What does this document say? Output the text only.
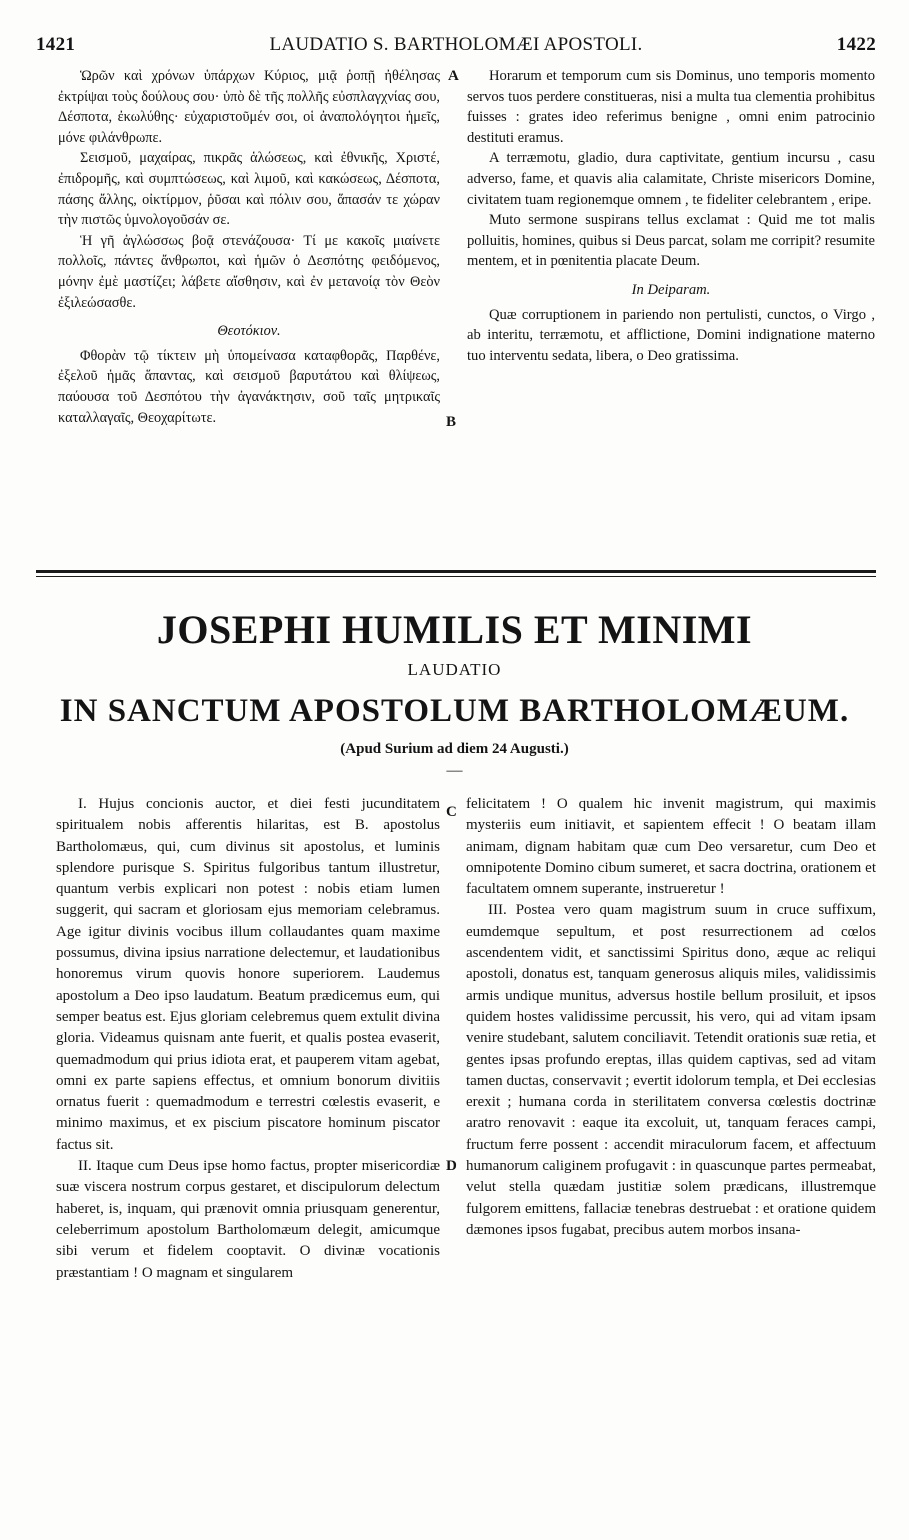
1421	LAUDATIO S. BARTHOLOMÆI APOSTOLI.	1422

Ὡρῶν καὶ χρόνων ὑπάρχων Κύριος, μιᾷ ῥοπῇ ἠθέλησας ἐκτρίψαι τοὺς δούλους σου· ὑπὸ δὲ τῆς πολλῆς εὐσπλαγχνίας σου, Δέσποτα, ἐκωλύθης· εὐχαριστοῦμέν σοι, οἱ ἀναπολόγητοι ἡμεῖς, μόνε φιλάνθρωπε.

Σεισμοῦ, μαχαίρας, πικρᾶς ἁλώσεως, καὶ ἐθνικῆς, Χριστέ, ἐπιδρομῆς, καὶ συμπτώσεως, καὶ λιμοῦ, καὶ κακώσεως, Δέσποτα, πάσης ἄλλης, οἰκτίρμον, ῥῦσαι καὶ πόλιν σου, ἅπασάν τε χώραν τὴν πιστῶς ὑμνολογοῦσάν σε.

Ἡ γῆ ἀγλώσσως βοᾷ στενάζουσα· Τί με κακοῖς μιαίνετε πολλοῖς, πάντες ἄνθρωποι, καὶ ἡμῶν ὁ Δεσπότης φειδόμενος, μόνην ἐμὲ μαστίζει; λάβετε αἴσθησιν, καὶ ἐν μετανοίᾳ τὸν Θεὸν ἐξιλεώσασθε.

Θεοτόκιον.

Φθορὰν τῷ τίκτειν μὴ ὑπομείνασα καταφθορᾶς, Παρθένε, ἐξελοῦ ἡμᾶς ἅπαντας, καὶ σεισμοῦ βαρυτάτου καὶ θλίψεως, παύουσα τοῦ Δεσπότου τὴν ἀγανάκτησιν, σοῦ ταῖς μητρικαῖς καταλλαγαῖς, Θεοχαρίτωτε.

Horarum et temporum cum sis Dominus, uno temporis momento servos tuos perdere constitueras, nisi a multa tua clementia prohibitus fuisses : grates ideo referimus benigne , omni enim patrocinio destituti eramus.

A terræmotu, gladio, dura captivitate, gentium incursu , casu adverso, fame, et quavis alia calamitate, Christe misericors Domine, civitatem tuam regionemque omnem , te fideliter celebrantem , eripe.

Muto sermone suspirans tellus exclamat : Quid me tot malis polluitis, homines, quibus si Deus parcat, solam me corripit? resumite mentem, et in pœnitentia placate Deum.

In Deiparam.

Quæ corruptionem in pariendo non pertulisti, cunctos, o Virgo , ab interitu, terræmotu, et afflictione, Domini indignatione materno tuo interventu sedata, libera, o Deo gratissima.

A
B
JOSEPHI HUMILIS ET MINIMI
LAUDATIO
IN SANCTUM APOSTOLUM BARTHOLOMÆUM.
(Apud Surium ad diem 24 Augusti.)
—

I. Hujus concionis auctor, et diei festi jucunditatem spiritualem nobis afferentis hilaritas, est B. apostolus Bartholomæus, qui, cum divinus sit apostolus, et luminis splendore purisque S. Spiritus fulgoribus tantum illustretur, quantum verbis explicari non potest : nobis etiam lumen suggerit, qui sacram et gloriosam ejus memoriam celebramus. Age igitur divinis vocibus illum collaudantes quam maxime possumus, divina ipsius narratione delectemur, et laudationibus honoremus virum quovis honore superiorem. Laudemus apostolum a Deo ipso laudatum. Beatum prædicemus eum, qui semper beatus est. Ejus gloriam celebremus quem extulit divina gloria. Videamus quisnam ante fuerit, et qualis postea evaserit, quemadmodum qui prius idiota erat, et pauperem vitam agebat, omni ex parte sapiens effectus, et omnium bonorum divitiis ornatus fuerit : quemadmodum e terrestri cœlestis evaserit, e minimo maximus, et ex piscium piscatore hominum piscator factus sit.

II. Itaque cum Deus ipse homo factus, propter misericordiæ suæ viscera nostrum corpus gestaret, et discipulorum delectum haberet, is, inquam, qui prænovit omnia priusquam generentur, celeberrimum apostolum Bartholomæum delegit, amicumque sibi verum et fidelem cooptavit. O divinæ vocationis præstantiam ! O magnam et singularem

felicitatem ! O qualem hic invenit magistrum, qui maximis mysteriis eum initiavit, et sapientem effecit ! O beatam illam animam, dignam habitam quæ cum Deo versaretur, cum Deo et omnipotente Domino cibum sumeret, et sacra doctrina, orationem et facultatem omnem superante, instrueretur !

III. Postea vero quam magistrum suum in cruce suffixum, eumdemque sepultum, et post resurrectionem ad cœlos ascendentem vidit, et sanctissimi Spiritus dono, æque ac reliqui apostoli, donatus est, tanquam generosus aliquis miles, validissimis armis undique munitus, adversus hostile bellum prosiluit, et ipsos quidem hostes validissime percussit, his vero, qui ad vitam ipsam venire studebant, salutem conciliavit. Tetendit orationis suæ retia, et gentes ipsas profundo ereptas, illas quidem captivas, sed ad vitam tamen ductas, conservavit ; evertit idolorum templa, et Dei ecclesias erexit ; humana corda in sterilitatem conversa cœlestis doctrinæ aratro renovavit : eaque ita excoluit, ut, tanquam feraces campi, fructum ferre possent : accendit miraculorum facem, et affectuum humanorum caliginem profugavit : in quascunque partes permeabat, velut stella quædam justitiæ solem prædicans, illustremque fulgorem emittens, fallaciæ tenebras destruebat : et oratione quidem dæmones ipsos fugabat, precibus autem morbos insana-

C
D
